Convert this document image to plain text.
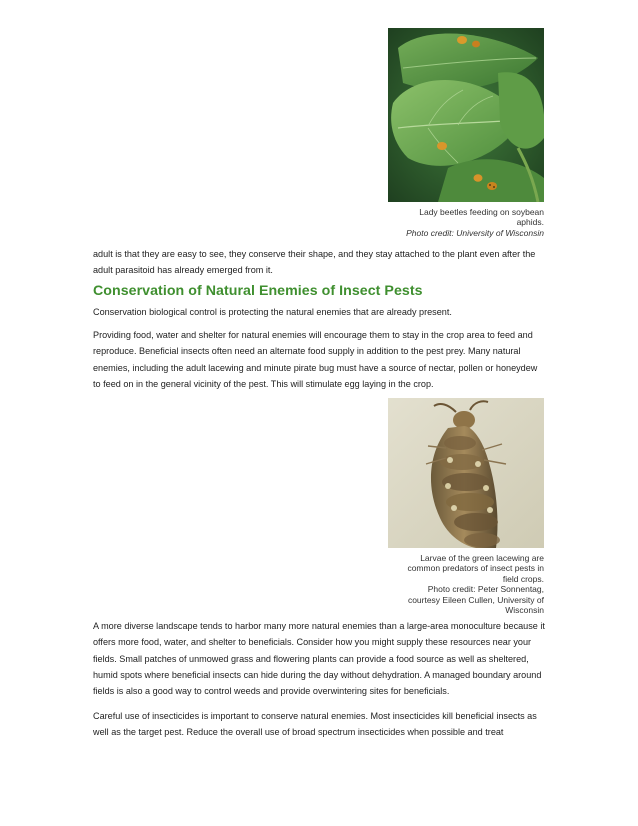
Lady beetles feeding on soybean
aphids.
Photo credit: University of Wisconsin

adult is that they are easy to see, they conserve their shape, and they stay attached to the plant even after the adult parasitoid has already emerged from it.

Conservation of Natural Enemies of Insect Pests

Conservation biological control is protecting the natural enemies that are already present.

Providing food, water and shelter for natural enemies will encourage them to stay in the crop area to feed and reproduce. Beneficial insects often need an alternate food supply in addition to the pest prey. Many natural enemies, including the adult lacewing and minute pirate bug must have a source of nectar, pollen or honeydew to feed on in the general vicinity of the pest. This will stimulate egg laying in the crop.

Larvae of the green lacewing are
common predators of insect pests in
field crops.
Photo credit: Peter Sonnentag,
courtesy Eileen Cullen, University of
Wisconsin

A more diverse landscape tends to harbor many more natural enemies than a large-area monoculture because it offers more food, water, and shelter to beneficials. Consider how you might supply these resources near your fields. Small patches of unmowed grass and flowering plants can provide a food source as well as sheltered, humid spots where beneficial insects can hide during the day without dehydration. A managed boundary around fields is also a good way to control weeds and provide overwintering sites for beneficials.

Careful use of insecticides is important to conserve natural enemies. Most insecticides kill beneficial insects as well as the target pest. Reduce the overall use of broad spectrum insecticides when possible and treat
